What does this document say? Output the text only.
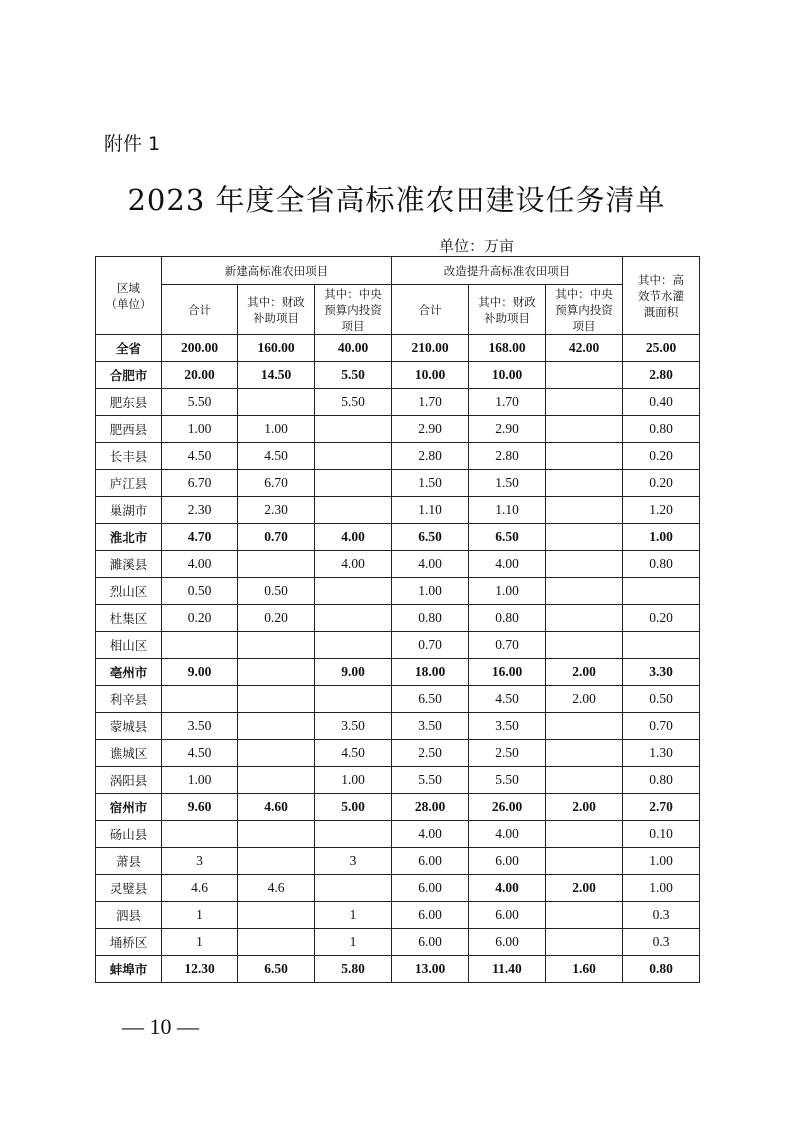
附件 1
2023 年度全省高标准农田建设任务清单
单位：万亩
区域
（单位）	新建高标准农田项目			改造提升高标准农田项目			其中：高效节水灌溉面积
	合计	其中：财政补助项目	其中：中央预算内投资项目	合计	其中：财政补助项目	其中：中央预算内投资项目	
全省	200.00	160.00	40.00	210.00	168.00	42.00	25.00
合肥市	20.00	14.50	5.50	10.00	10.00		2.80
肥东县	5.50		5.50	1.70	1.70		0.40
肥西县	1.00	1.00		2.90	2.90		0.80
长丰县	4.50	4.50		2.80	2.80		0.20
庐江县	6.70	6.70		1.50	1.50		0.20
巢湖市	2.30	2.30		1.10	1.10		1.20
淮北市	4.70	0.70	4.00	6.50	6.50		1.00
濉溪县	4.00		4.00	4.00	4.00		0.80
烈山区	0.50	0.50		1.00	1.00		
杜集区	0.20	0.20		0.80	0.80		0.20
相山区				0.70	0.70		
亳州市	9.00		9.00	18.00	16.00	2.00	3.30
利辛县				6.50	4.50	2.00	0.50
蒙城县	3.50		3.50	3.50	3.50		0.70
谯城区	4.50		4.50	2.50	2.50		1.30
涡阳县	1.00		1.00	5.50	5.50		0.80
宿州市	9.60	4.60	5.00	28.00	26.00	2.00	2.70
砀山县				4.00	4.00		0.10
萧县	3		3	6.00	6.00		1.00
灵璧县	4.6	4.6		6.00	4.00	2.00	1.00
泗县	1		1	6.00	6.00		0.3
埇桥区	1		1	6.00	6.00		0.3
蚌埠市	12.30	6.50	5.80	13.00	11.40	1.60	0.80
— 10 —
